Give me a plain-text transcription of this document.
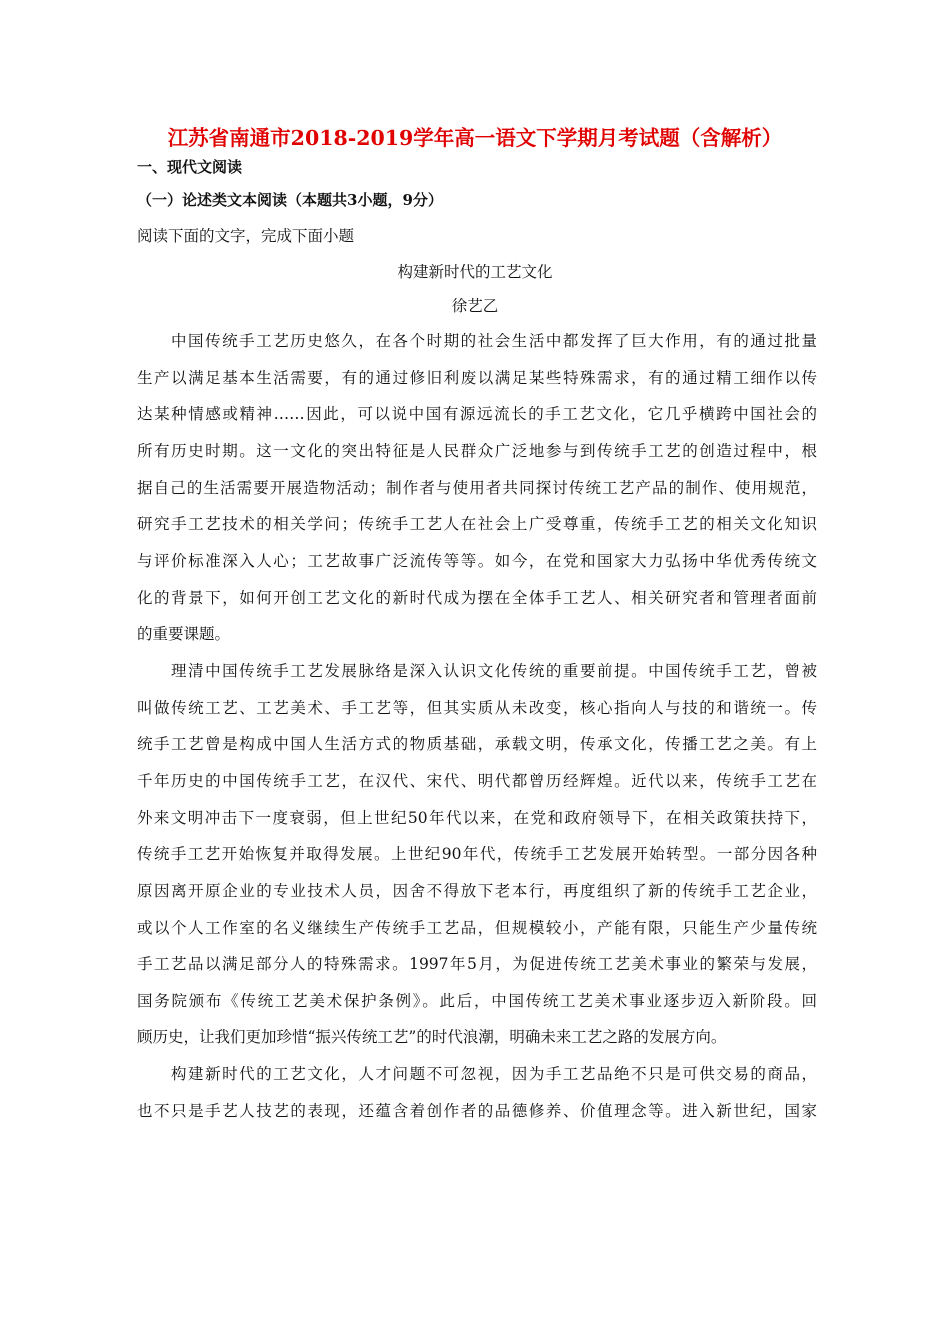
江苏省南通市2018-2019学年高一语文下学期月考试题（含解析）
一、现代文阅读
（一）论述类文本阅读（本题共3小题，9分）
阅读下面的文字，完成下面小题
构建新时代的工艺文化
徐艺乙
中国传统手工艺历史悠久，在各个时期的社会生活中都发挥了巨大作用，有的通过批量
生产以满足基本生活需要，有的通过修旧利废以满足某些特殊需求，有的通过精工细作以传
达某种情感或精神……因此，可以说中国有源远流长的手工艺文化，它几乎横跨中国社会的
所有历史时期。这一文化的突出特征是人民群众广泛地参与到传统手工艺的创造过程中，根
据自己的生活需要开展造物活动；制作者与使用者共同探讨传统工艺产品的制作、使用规范，
研究手工艺技术的相关学问；传统手工艺人在社会上广受尊重，传统手工艺的相关文化知识
与评价标准深入人心；工艺故事广泛流传等等。如今，在党和国家大力弘扬中华优秀传统文
化的背景下，如何开创工艺文化的新时代成为摆在全体手工艺人、相关研究者和管理者面前
的重要课题。
理清中国传统手工艺发展脉络是深入认识文化传统的重要前提。中国传统手工艺，曾被
叫做传统工艺、工艺美术、手工艺等，但其实质从未改变，核心指向人与技的和谐统一。传
统手工艺曾是构成中国人生活方式的物质基础，承载文明，传承文化，传播工艺之美。有上
千年历史的中国传统手工艺，在汉代、宋代、明代都曾历经辉煌。近代以来，传统手工艺在
外来文明冲击下一度衰弱，但上世纪50年代以来，在党和政府领导下，在相关政策扶持下，
传统手工艺开始恢复并取得发展。上世纪90年代，传统手工艺发展开始转型。一部分因各种
原因离开原企业的专业技术人员，因舍不得放下老本行，再度组织了新的传统手工艺企业，
或以个人工作室的名义继续生产传统手工艺品，但规模较小，产能有限，只能生产少量传统
手工艺品以满足部分人的特殊需求。1997年5月，为促进传统工艺美术事业的繁荣与发展，
国务院颁布《传统工艺美术保护条例》。此后，中国传统工艺美术事业逐步迈入新阶段。回
顾历史，让我们更加珍惜“振兴传统工艺”的时代浪潮，明确未来工艺之路的发展方向。
构建新时代的工艺文化，人才问题不可忽视，因为手工艺品绝不只是可供交易的商品，
也不只是手艺人技艺的表现，还蕴含着创作者的品德修养、价值理念等。进入新世纪，国家
